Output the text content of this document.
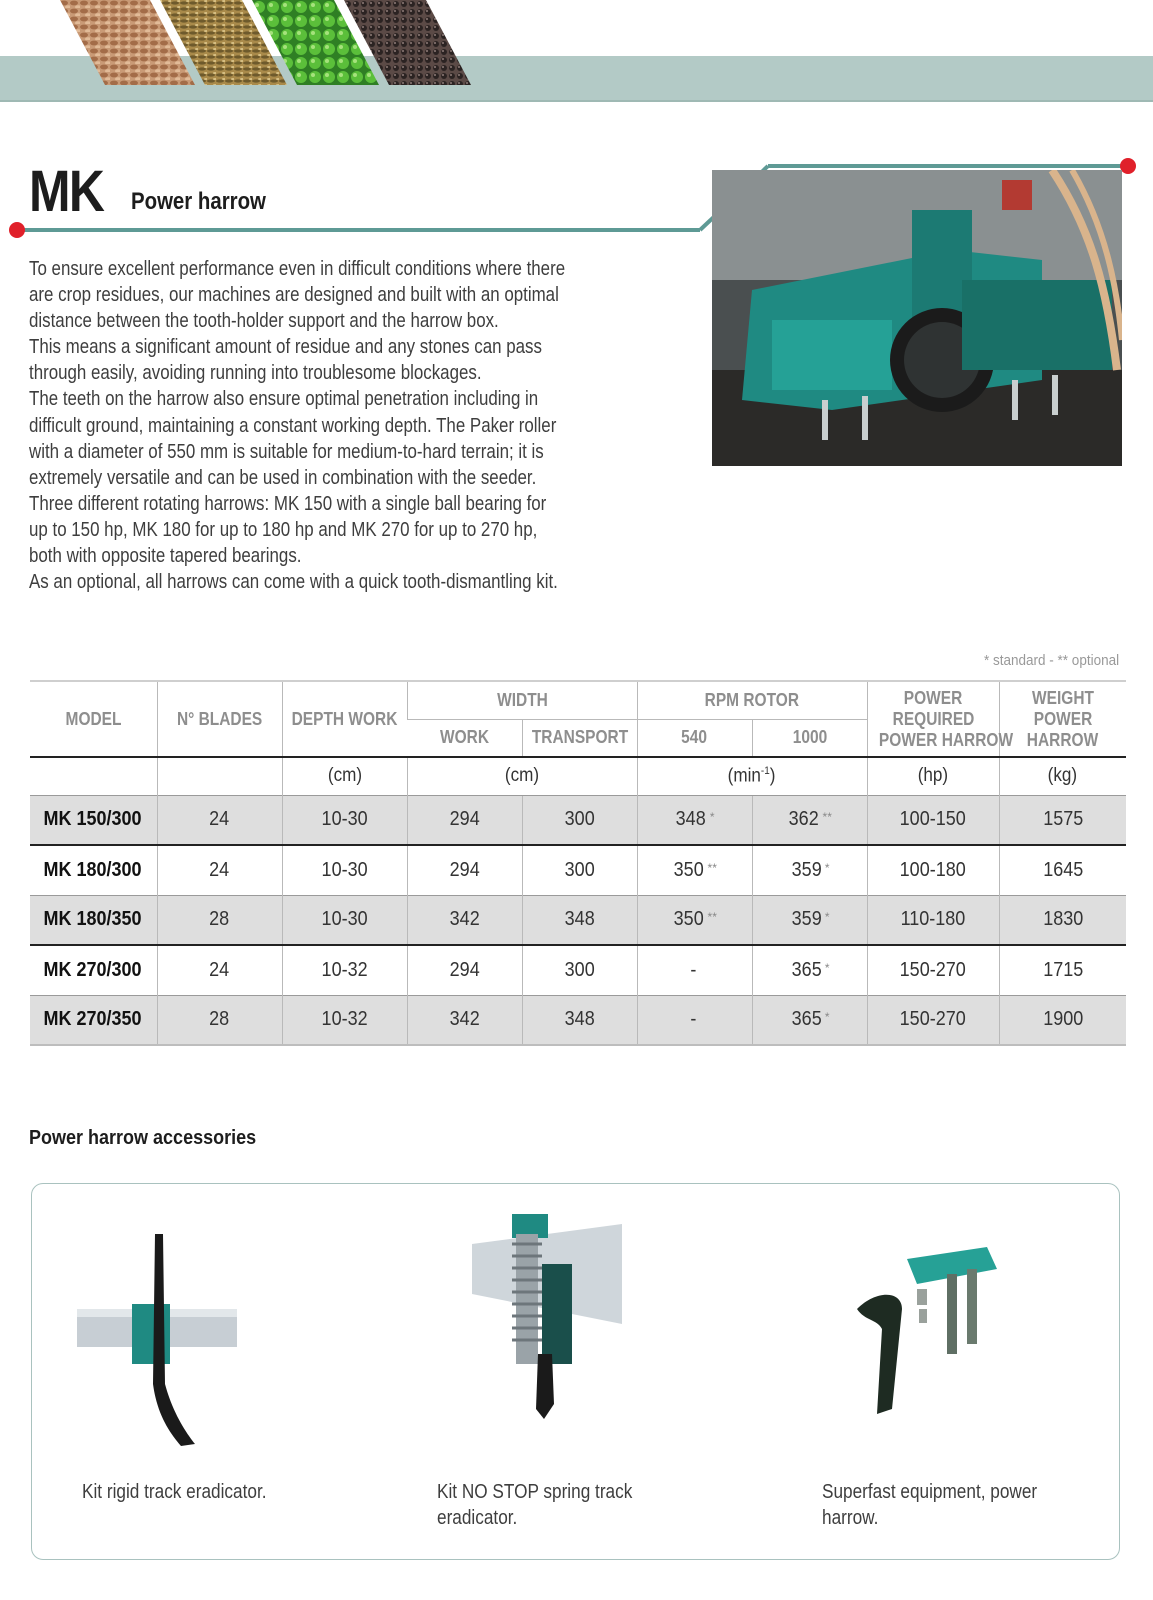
MK Power harrow

To ensure excellent performance even in difficult conditions where there

are crop residues, our machines are designed and built with an optimal

distance between the tooth-holder support and the harrow box.

This means a significant amount of residue and any stones can pass

through easily, avoiding running into troublesome blockages.

The teeth on the harrow also ensure optimal penetration including in

difficult ground, maintaining a constant working depth. The Paker roller

with a diameter of 550 mm is suitable for medium-to-hard terrain; it is

extremely versatile and can be used in combination with the seeder.

Three different rotating harrows: MK 150 with a single ball bearing for

up to 150 hp, MK 180 for up to 180 hp and MK 270 for up to 270 hp,

both with opposite tapered bearings.

As an optional, all harrows can come with a quick tooth-dismantling kit.

* standard - ** optional
MODEL	N° BLADES	DEPTH WORK	WIDTH		RPM ROTOR		POWER
REQUIRED
POWER HARROW	WEIGHT
POWER
HARROW
			WORK	TRANSPORT	540	1000		
		(cm)	(cm)		$(\min^{-1})$		(hp)	(kg)
MK 150/300	24	10-30	294	300	348 *	362 **	100-150	1575
MK 180/300	24	10-30	294	300	350 **	359 *	100-180	1645
MK 180/350	28	10-30	342	348	350 **	359 *	110-180	1830
MK 270/300	24	10-32	294	300	-	365 *	150-270	1715
MK 270/350	28	10-32	342	348	-	365 *	150-270	1900
Power harrow accessories
Kit rigid track eradicator.	Kit NO STOP spring track
eradicator.
Superfast equipment, power
harrow.
